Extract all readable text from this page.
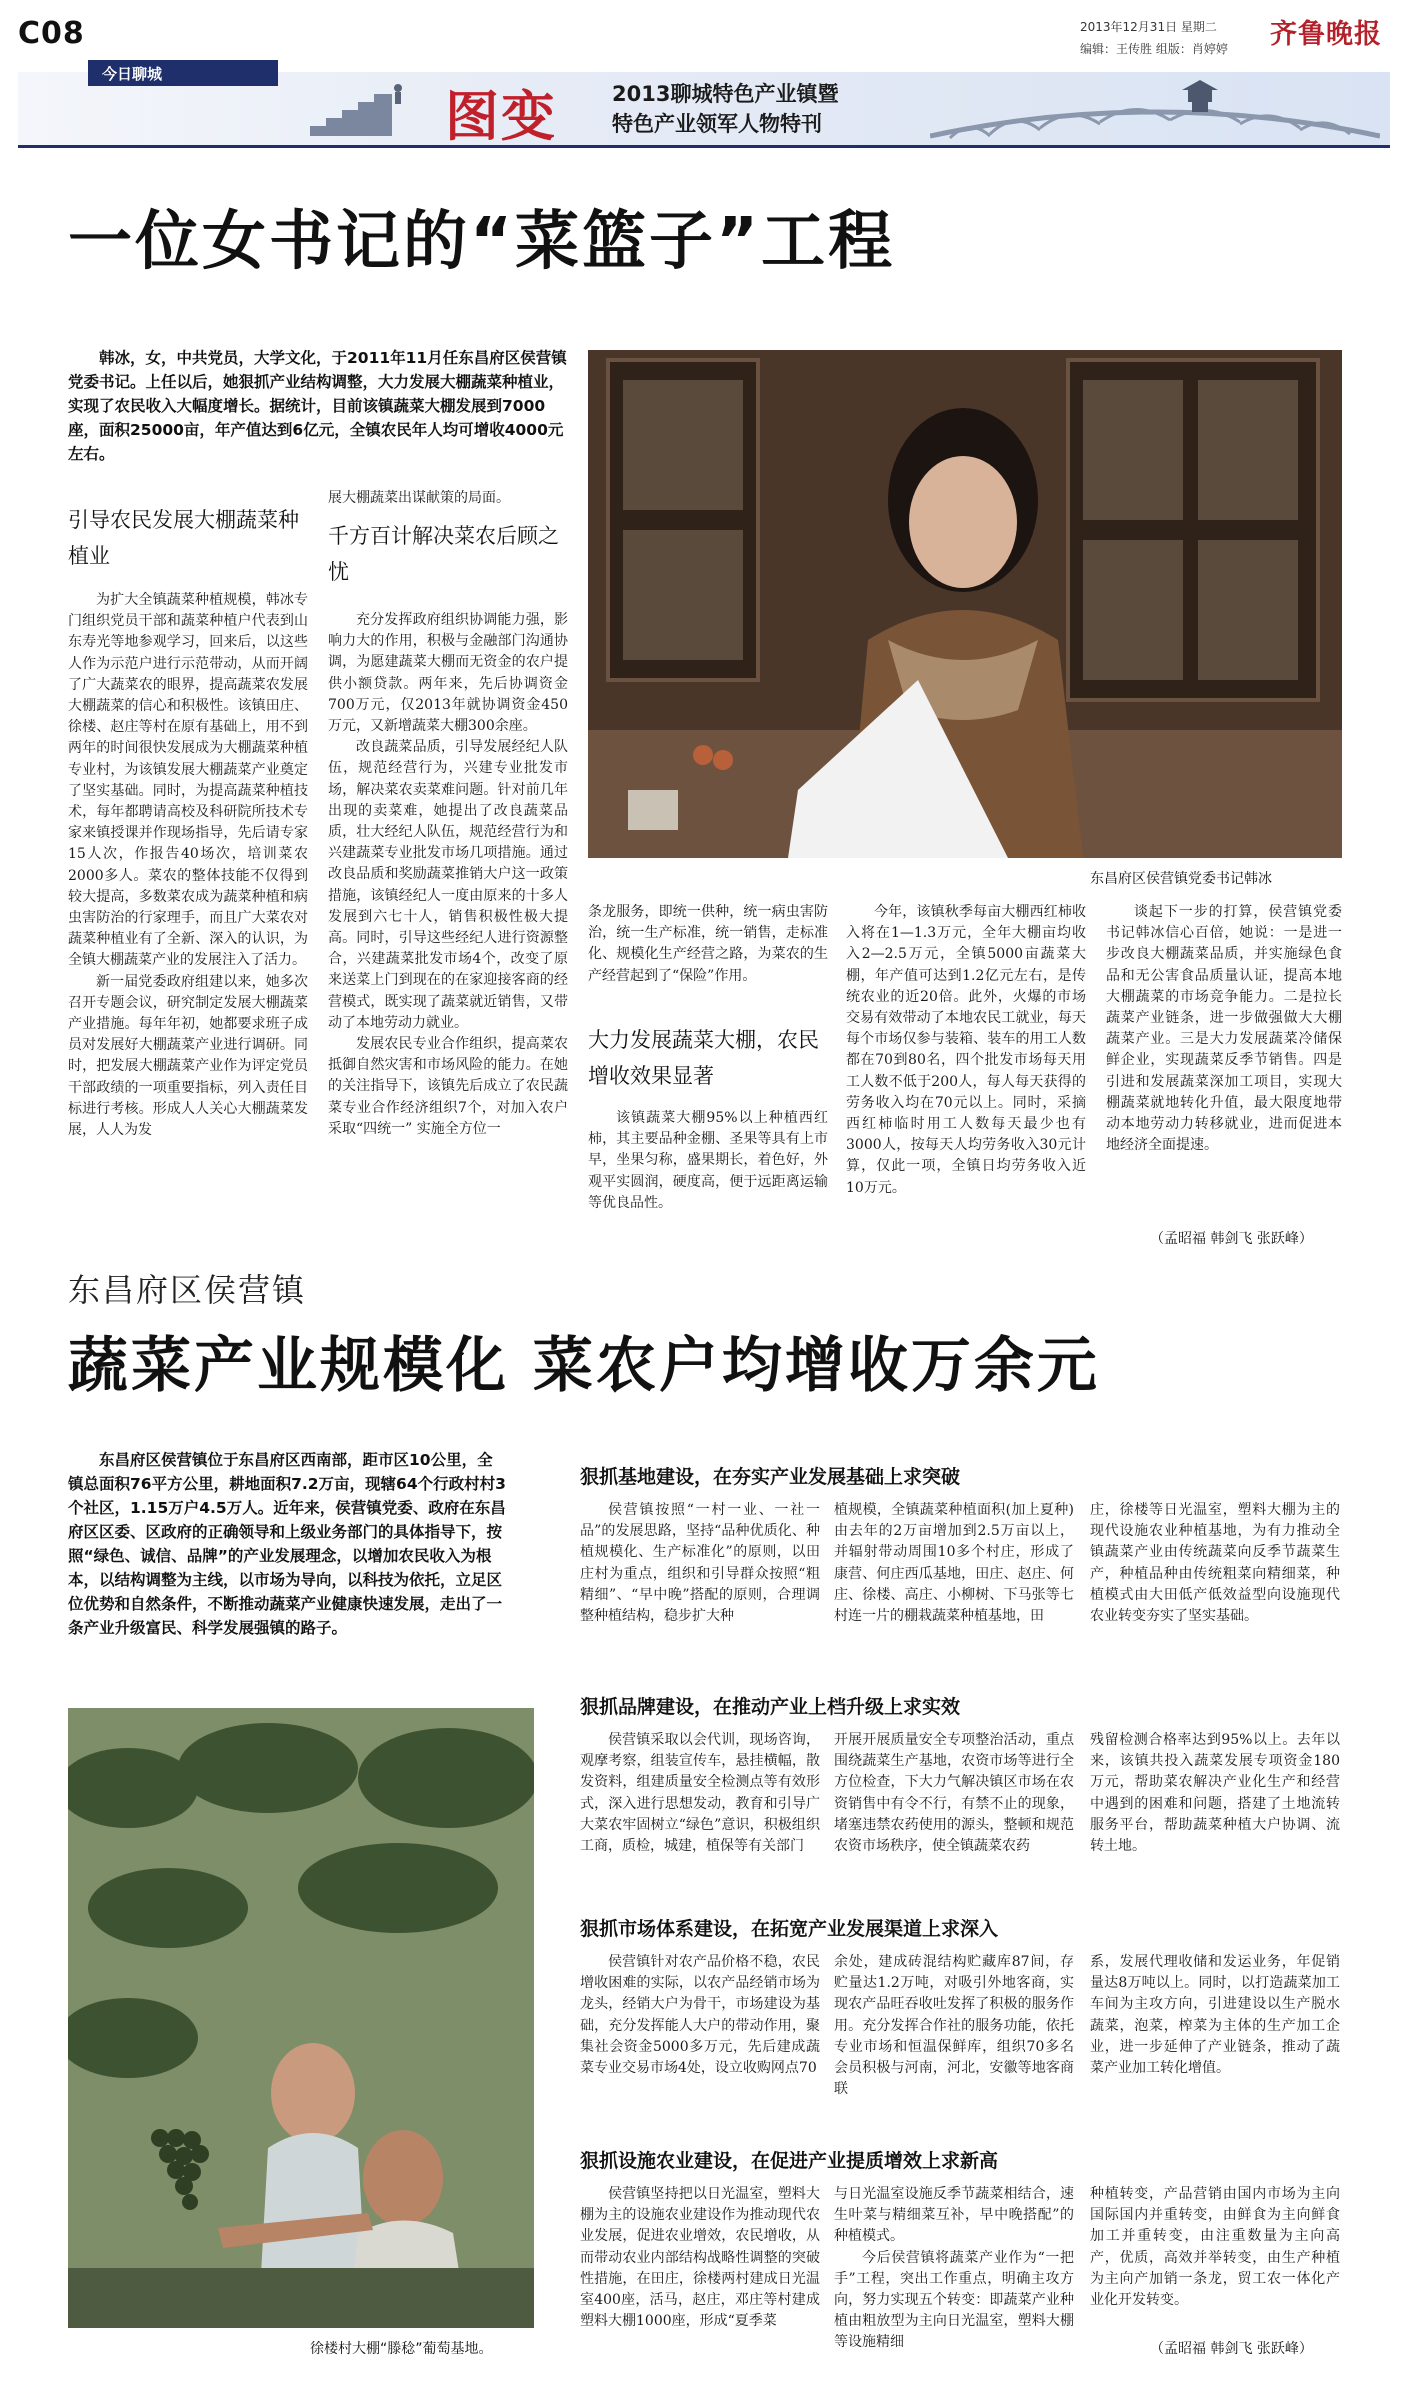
C08	2013年12月31日 星期二
编辑：王传胜 组版：肖婷婷 齐鲁晚报
今日聊城
图变	2013聊城特色产业镇暨
特色产业领军人物特刊
一位女书记的“菜篮子”工程
韩冰，女，中共党员，大学文化，于2011年11月任东昌府区侯营镇党委书记。上任以后，她狠抓产业结构调整，大力发展大棚蔬菜种植业，实现了农民收入大幅度增长。据统计，目前该镇蔬菜大棚发展到7000座，面积25000亩，年产值达到6亿元，全镇农民年人均可增收4000元左右。
东昌府区侯营镇党委书记韩冰
引导农民发展大棚蔬菜种植业

为扩大全镇蔬菜种植规模，韩冰专门组织党员干部和蔬菜种植户代表到山东寿光等地参观学习，回来后，以这些人作为示范户进行示范带动，从而开阔了广大蔬菜农的眼界，提高蔬菜农发展大棚蔬菜的信心和积极性。该镇田庄、徐楼、赵庄等村在原有基础上，用不到两年的时间很快发展成为大棚蔬菜种植专业村，为该镇发展大棚蔬菜产业奠定了坚实基础。同时，为提高蔬菜种植技术，每年都聘请高校及科研院所技术专家来镇授课并作现场指导，先后请专家15人次，作报告40场次，培训菜农2000多人。菜农的整体技能不仅得到较大提高，多数菜农成为蔬菜种植和病虫害防治的行家理手，而且广大菜农对蔬菜种植业有了全新、深入的认识，为全镇大棚蔬菜产业的发展注入了活力。

新一届党委政府组建以来，她多次召开专题会议，研究制定发展大棚蔬菜产业措施。每年年初，她都要求班子成员对发展好大棚蔬菜产业进行调研。同时，把发展大棚蔬菜产业作为评定党员干部政绩的一项重要指标，列入责任目标进行考核。形成人人关心大棚蔬菜发展，人人为发

展大棚蔬菜出谋献策的局面。
千方百计解决菜农后顾之忧

充分发挥政府组织协调能力强，影响力大的作用，积极与金融部门沟通协调，为愿建蔬菜大棚而无资金的农户提供小额贷款。两年来，先后协调资金700万元，仅2013年就协调资金450万元，又新增蔬菜大棚300余座。

改良蔬菜品质，引导发展经纪人队伍，规范经营行为，兴建专业批发市场，解决菜农卖菜难问题。针对前几年出现的卖菜难，她提出了改良蔬菜品质，壮大经纪人队伍，规范经营行为和兴建蔬菜专业批发市场几项措施。通过改良品质和奖励蔬菜推销大户这一政策措施，该镇经纪人一度由原来的十多人发展到六七十人，销售积极性极大提高。同时，引导这些经纪人进行资源整合，兴建蔬菜批发市场4个，改变了原来送菜上门到现在的在家迎接客商的经营模式，既实现了蔬菜就近销售，又带动了本地劳动力就业。

发展农民专业合作组织，提高菜农抵御自然灾害和市场风险的能力。在她的关注指导下，该镇先后成立了农民蔬菜专业合作经济组织7个，对加入农户采取“四统一” 实施全方位一

条龙服务，即统一供种，统一病虫害防治，统一生产标准，统一销售，走标准化、规模化生产经营之路，为菜农的生产经营起到了“保险”作用。
大力发展蔬菜大棚，农民增收效果显著

该镇蔬菜大棚95%以上种植西红柿，其主要品种金棚、圣果等具有上市早，坐果匀称，盛果期长，着色好，外观平实圆润，硬度高，便于远距离运输等优良品性。

今年，该镇秋季每亩大棚西红柿收入将在1—1.3万元，全年大棚亩均收入2—2.5万元，全镇5000亩蔬菜大棚，年产值可达到1.2亿元左右，是传统农业的近20倍。此外，火爆的市场交易有效带动了本地农民工就业，每天每个市场仅参与装箱、装车的用工人数都在70到80名，四个批发市场每天用工人数不低于200人，每人每天获得的劳务收入均在70元以上。同时，采摘西红柿临时用工人数每天最少也有3000人，按每天人均劳务收入30元计算，仅此一项，全镇日均劳务收入近10万元。

谈起下一步的打算，侯营镇党委书记韩冰信心百倍，她说：一是进一步改良大棚蔬菜品质，并实施绿色食品和无公害食品质量认证，提高本地大棚蔬菜的市场竞争能力。二是拉长蔬菜产业链条，进一步做强做大大棚蔬菜产业。三是大力发展蔬菜冷储保鲜企业，实现蔬菜反季节销售。四是引进和发展蔬菜深加工项目，实现大棚蔬菜就地转化升值，最大限度地带动本地劳动力转移就业，进而促进本地经济全面提速。

（孟昭福 韩剑飞 张跃峰）
东昌府区侯营镇
蔬菜产业规模化 菜农户均增收万余元
东昌府区侯营镇位于东昌府区西南部，距市区10公里，全镇总面积76平方公里，耕地面积7.2万亩，现辖64个行政村村3个社区，1.15万户4.5万人。近年来，侯营镇党委、政府在东昌府区区委、区政府的正确领导和上级业务部门的具体指导下，按照“绿色、诚信、品牌”的产业发展理念，以增加农民收入为根本，以结构调整为主线，以市场为导向，以科技为依托，立足区位优势和自然条件，不断推动蔬菜产业健康快速发展，走出了一条产业升级富民、科学发展强镇的路子。
徐楼村大棚“滕稔”葡萄基地。
狠抓基地建设，在夯实产业发展基础上求突破

侯营镇按照“一村一业、一社一品”的发展思路，坚持“品种优质化、种植规模化、生产标准化”的原则，以田庄村为重点，组织和引导群众按照“粗精细”、“早中晚”搭配的原则，合理调整种植结构，稳步扩大种

植规模，全镇蔬菜种植面积(加上夏种)由去年的2万亩增加到2.5万亩以上，并辐射带动周围10多个村庄，形成了康营、何庄西瓜基地，田庄、赵庄、何庄、徐楼、高庄、小柳树、下马张等七村连一片的棚栽蔬菜种植基地，田
庄，徐楼等日光温室，塑料大棚为主的现代设施农业种植基地，为有力推动全镇蔬菜产业由传统蔬菜向反季节蔬菜生产，种植品种由传统粗菜向精细菜，种植模式由大田低产低效益型向设施现代农业转变夯实了坚实基础。
狠抓品牌建设，在推动产业上档升级上求实效

侯营镇采取以会代训，现场咨询，观摩考察，组装宣传车，悬挂横幅，散发资料，组建质量安全检测点等有效形式，深入进行思想发动，教育和引导广大菜农牢固树立“绿色”意识，积极组织工商，质检，城建，植保等有关部门

开展开展质量安全专项整治活动，重点围绕蔬菜生产基地，农资市场等进行全方位检查，下大力气解决镇区市场在农资销售中有令不行，有禁不止的现象，堵塞违禁农药使用的源头，整顿和规范农资市场秩序，使全镇蔬菜农药
残留检测合格率达到95%以上。去年以来，该镇共投入蔬菜发展专项资金180万元，帮助菜农解决产业化生产和经营中遇到的困难和问题，搭建了土地流转服务平台，帮助蔬菜种植大户协调、流转土地。
狠抓市场体系建设，在拓宽产业发展渠道上求深入

侯营镇针对农产品价格不稳，农民增收困难的实际，以农产品经销市场为龙头，经销大户为骨干，市场建设为基础，充分发挥能人大户的带动作用，聚集社会资金5000多万元，先后建成蔬菜专业交易市场4处，设立收购网点70

余处，建成砖混结构贮藏库87间，存贮量达1.2万吨，对吸引外地客商，实现农产品旺吞收吐发挥了积极的服务作用。充分发挥合作社的服务功能，依托专业市场和恒温保鲜库，组织70多名会员积极与河南，河北，安徽等地客商联
系，发展代理收储和发运业务，年促销量达8万吨以上。同时，以打造蔬菜加工车间为主攻方向，引进建设以生产脱水蔬菜，泡菜，榨菜为主体的生产加工企业，进一步延伸了产业链条，推动了蔬菜产业加工转化增值。
狠抓设施农业建设，在促进产业提质增效上求新高

侯营镇坚持把以日光温室，塑料大棚为主的设施农业建设作为推动现代农业发展，促进农业增效，农民增收，从而带动农业内部结构战略性调整的突破性措施，在田庄，徐楼两村建成日光温室400座，活马，赵庄，邓庄等村建成塑料大棚1000座，形成“夏季菜

与日光温室设施反季节蔬菜相结合，速生叶菜与精细菜互补，早中晚搭配”的种植模式。

今后侯营镇将蔬菜产业作为“一把手”工程，突出工作重点，明确主攻方向，努力实现五个转变：即蔬菜产业种植由粗放型为主向日光温室，塑料大棚等设施精细

种植转变，产品营销由国内市场为主向国际国内并重转变，由鲜食为主向鲜食加工并重转变，由注重数量为主向高产，优质，高效并举转变，由生产种植为主向产加销一条龙，贸工农一体化产业化开发转变。
（孟昭福 韩剑飞 张跃峰）
